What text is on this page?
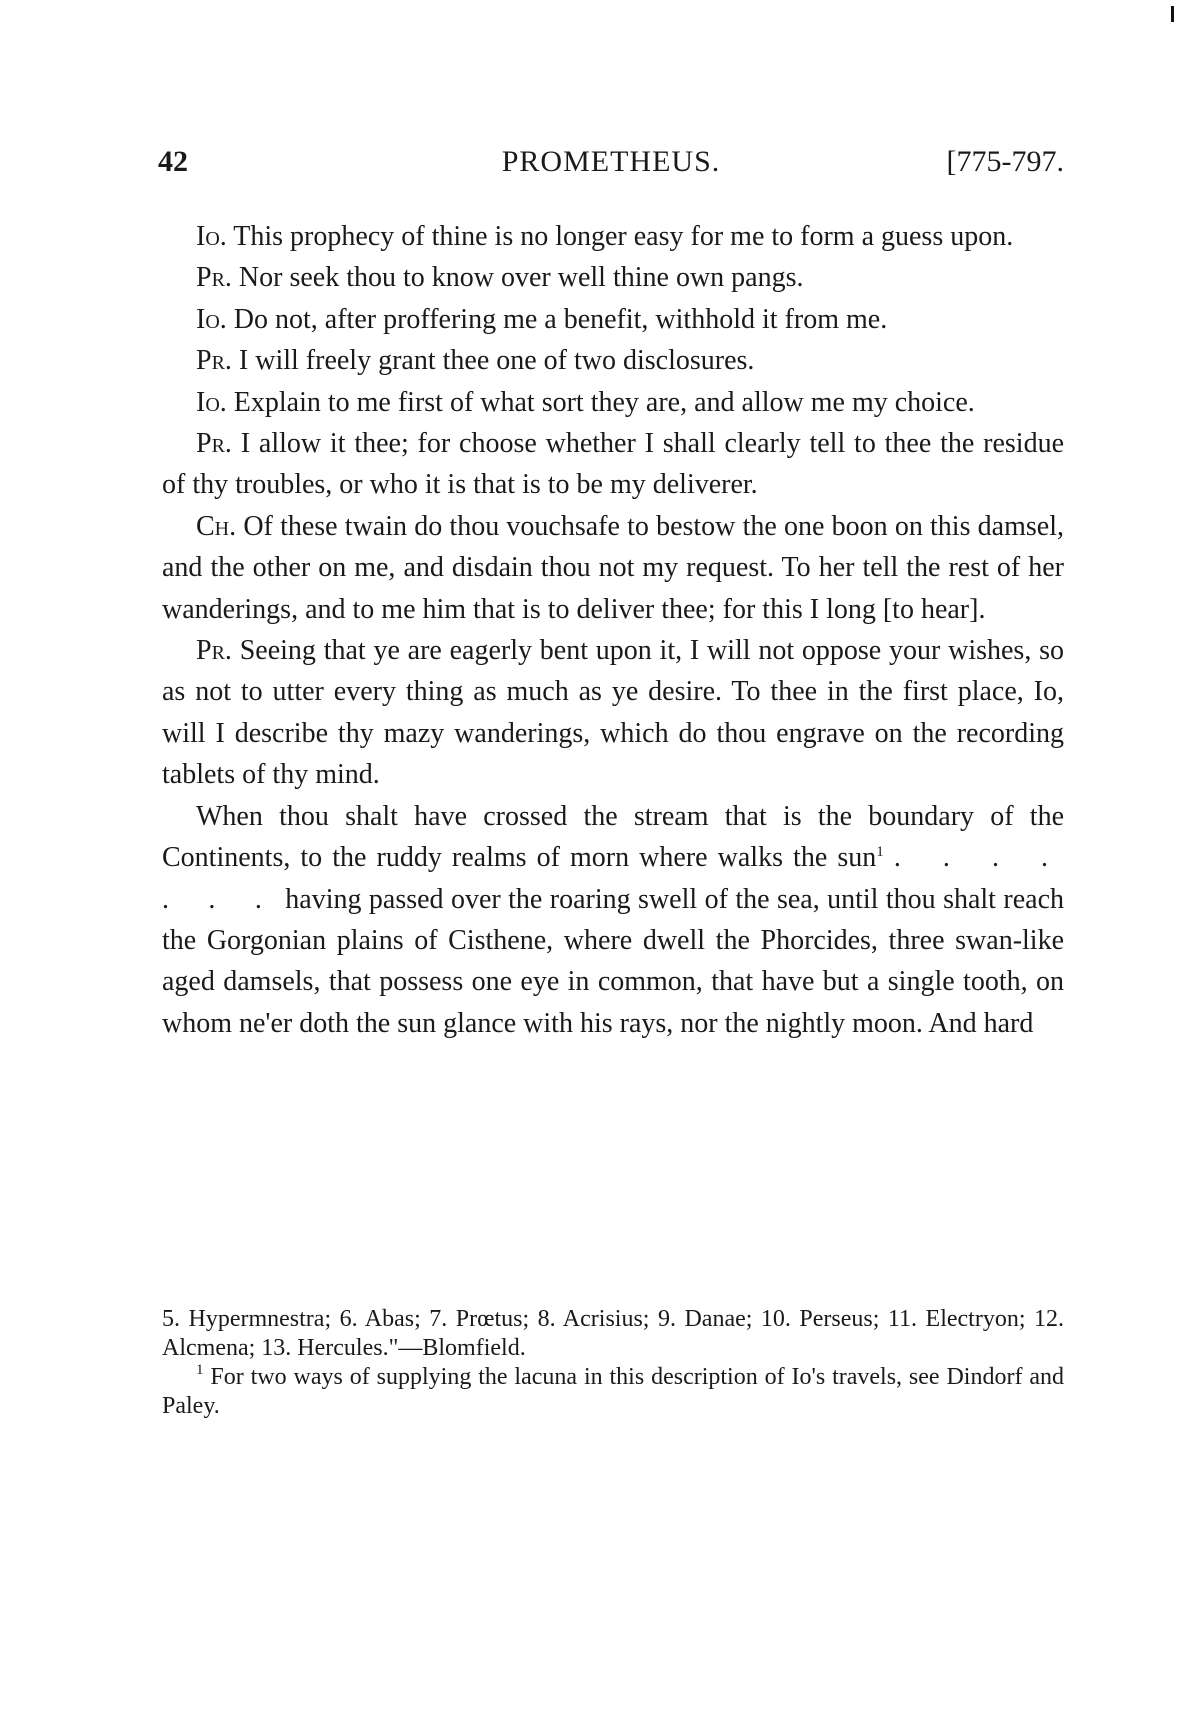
42	PROMETHEUS.	[775-797.

Io. This prophecy of thine is no longer easy for me to form a guess upon.

Pr. Nor seek thou to know over well thine own pangs.

Io. Do not, after proffering me a benefit, withhold it from me.

Pr. I will freely grant thee one of two disclosures.

Io. Explain to me first of what sort they are, and allow me my choice.

Pr. I allow it thee; for choose whether I shall clearly tell to thee the residue of thy troubles, or who it is that is to be my deliverer.

Ch. Of these twain do thou vouchsafe to bestow the one boon on this damsel, and the other on me, and disdain thou not my request. To her tell the rest of her wanderings, and to me him that is to deliver thee; for this I long [to hear].

Pr. Seeing that ye are eagerly bent upon it, I will not oppose your wishes, so as not to utter every thing as much as ye desire. To thee in the first place, Io, will I describe thy mazy wanderings, which do thou engrave on the recording tablets of thy mind.

When thou shalt have crossed the stream that is the boundary of the Continents, to the ruddy realms of morn where walks the sun$^1$ . . . . . . . having passed over the roaring swell of the sea, until thou shalt reach the Gorgonian plains of Cisthene, where dwell the Phorcides, three swan-like aged damsels, that possess one eye in common, that have but a single tooth, on whom ne'er doth the sun glance with his rays, nor the nightly moon. And hard

5. Hypermnestra; 6. Abas; 7. Prœtus; 8. Acrisius; 9. Danae; 10. Perseus; 11. Electryon; 12. Alcmena; 13. Hercules."—Blomfield.

$^1$ For two ways of supplying the lacuna in this description of Io's travels, see Dindorf and Paley.
